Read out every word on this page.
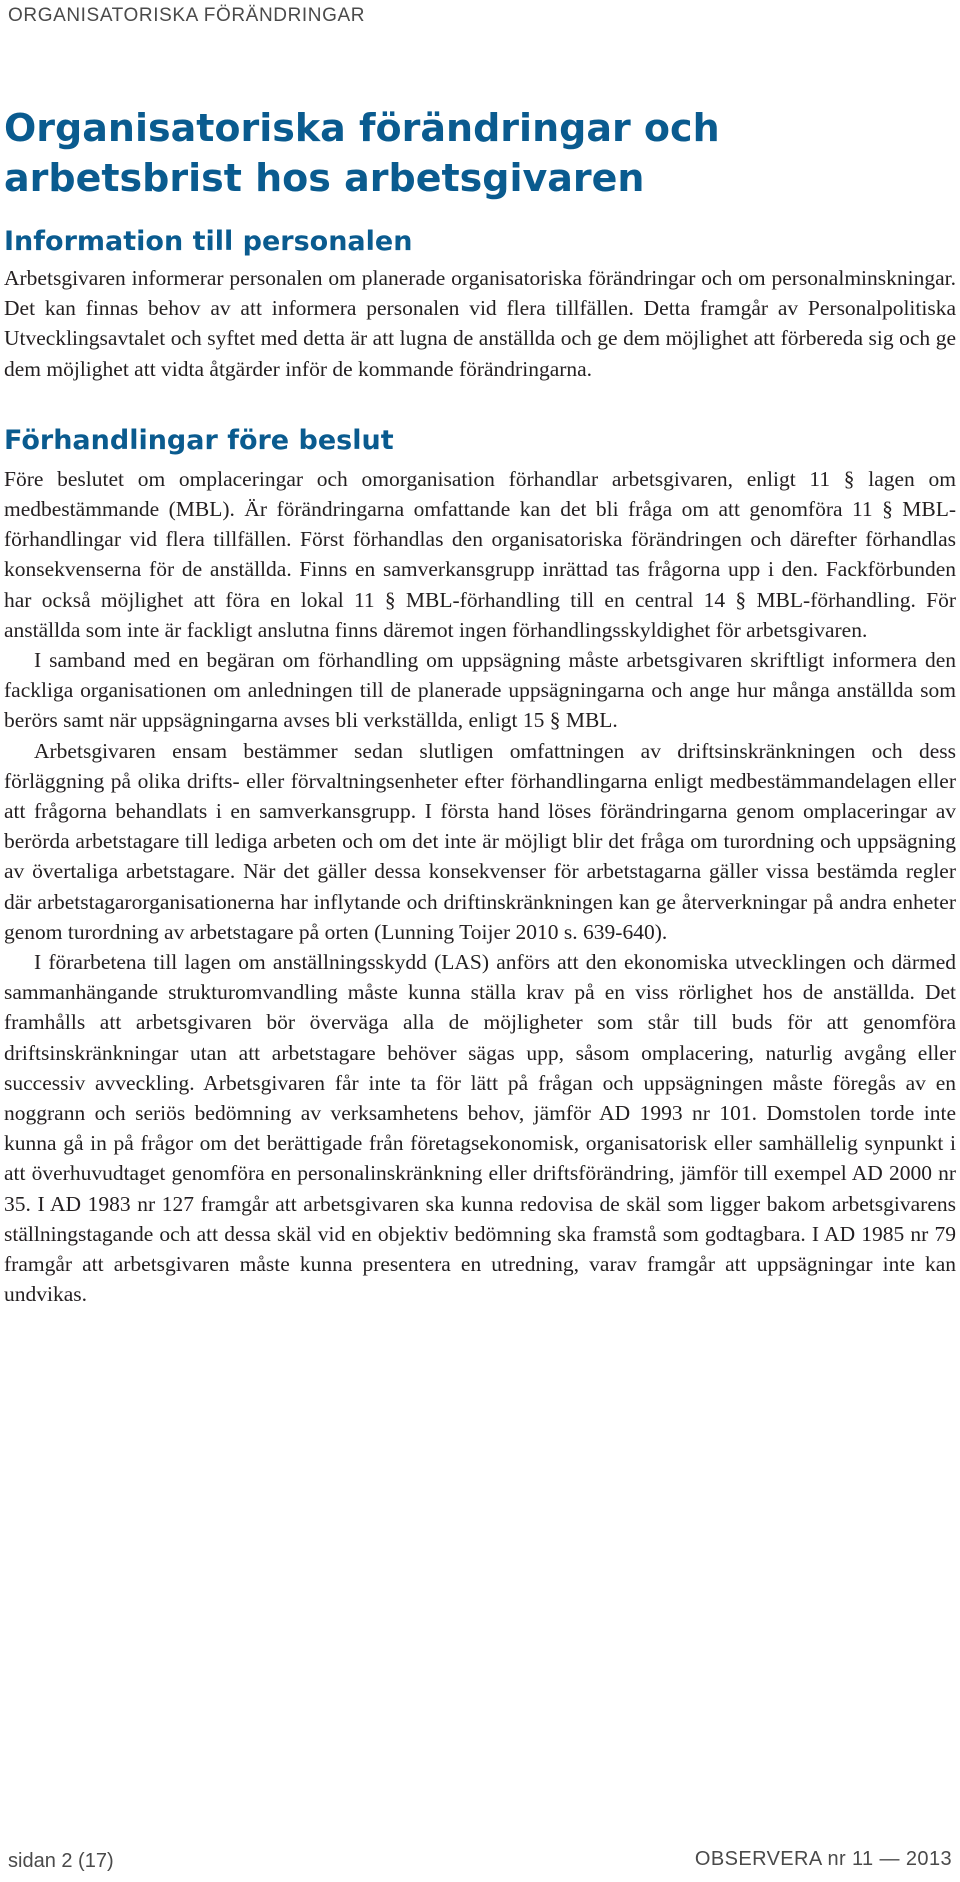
ORGANISATORISKA FÖRÄNDRINGAR
Organisatoriska förändringar och arbetsbrist hos arbetsgivaren
Information till personalen

Arbetsgivaren informerar personalen om planerade organisatoriska förändringar och om personalminskningar. Det kan finnas behov av att informera personalen vid flera tillfällen. Detta framgår av Personalpolitiska Utvecklingsavtalet och syftet med detta är att lugna de anställda och ge dem möjlighet att förbereda sig och ge dem möjlighet att vidta åtgärder inför de kommande förändringarna.

Förhandlingar före beslut

Före beslutet om omplaceringar och omorganisation förhandlar arbetsgivaren, enligt 11 § lagen om medbestämmande (MBL). Är förändringarna omfattande kan det bli fråga om att genomföra 11 § MBL-förhandlingar vid flera tillfällen. Först förhandlas den organisatoriska förändringen och därefter förhandlas konsekvenserna för de anställda. Finns en samverkansgrupp inrättad tas frågorna upp i den. Fackförbunden har också möjlighet att föra en lokal 11 § MBL-förhandling till en central 14 § MBL-förhandling. För anställda som inte är fackligt anslutna finns däremot ingen förhandlingsskyldighet för arbetsgivaren.

I samband med en begäran om förhandling om uppsägning måste arbetsgivaren skriftligt informera den fackliga organisationen om anledningen till de planerade uppsägningarna och ange hur många anställda som berörs samt när uppsägningarna avses bli verkställda, enligt 15 § MBL.

Arbetsgivaren ensam bestämmer sedan slutligen omfattningen av driftsinskränkningen och dess förläggning på olika drifts- eller förvaltningsenheter efter förhandlingarna enligt medbestämmandelagen eller att frågorna behandlats i en samverkansgrupp. I första hand löses förändringarna genom omplaceringar av berörda arbetstagare till lediga arbeten och om det inte är möjligt blir det fråga om turordning och uppsägning av övertaliga arbetstagare. När det gäller dessa konsekvenser för arbetstagarna gäller vissa bestämda regler där arbetstagarorganisationerna har inflytande och driftinskränkningen kan ge återverkningar på andra enheter genom turordning av arbetstagare på orten (Lunning Toijer 2010 s. 639-640).

I förarbetena till lagen om anställningsskydd (LAS) anförs att den ekonomiska utvecklingen och därmed sammanhängande strukturomvandling måste kunna ställa krav på en viss rörlighet hos de anställda. Det framhålls att arbetsgivaren bör överväga alla de möjligheter som står till buds för att genomföra driftsinskränkningar utan att arbetstagare behöver sägas upp, såsom omplacering, naturlig avgång eller successiv avveckling. Arbetsgivaren får inte ta för lätt på frågan och uppsägningen måste föregås av en noggrann och seriös bedömning av verksamhetens behov, jämför AD 1993 nr 101. Domstolen torde inte kunna gå in på frågor om det berättigade från företagsekonomisk, organisatorisk eller samhällelig synpunkt i att överhuvudtaget genomföra en personalinskränkning eller driftsförändring, jämför till exempel AD 2000 nr 35. I AD 1983 nr 127 framgår att arbetsgivaren ska kunna redovisa de skäl som ligger bakom arbetsgivarens ställningstagande och att dessa skäl vid en objektiv bedömning ska framstå som godtagbara. I AD 1985 nr 79 framgår att arbetsgivaren måste kunna presentera en utredning, varav framgår att uppsägningar inte kan undvikas.

sidan 2 (17)	OBSERVERA nr 11 — 2013
